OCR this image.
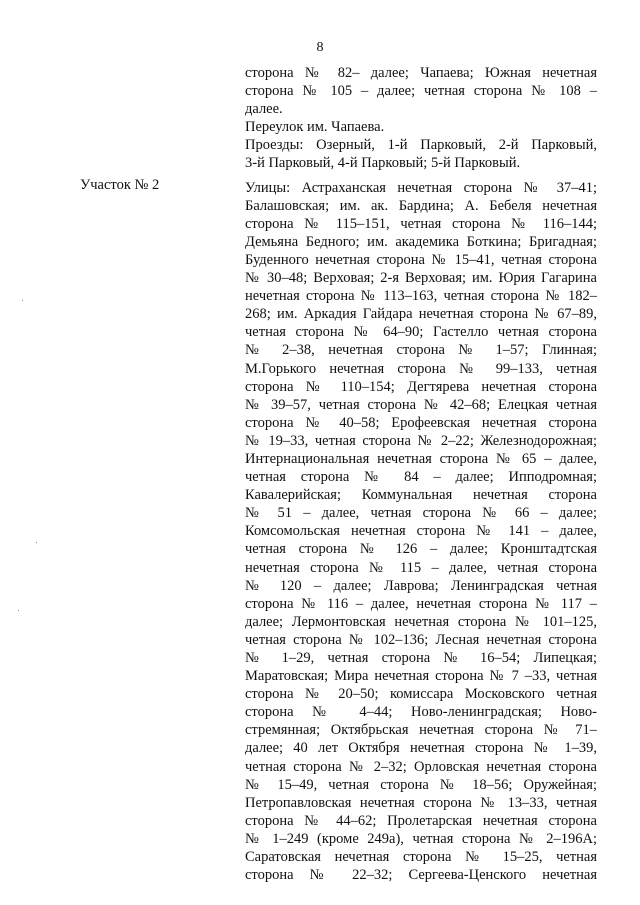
8
Участок № 2
сторона № 82– далее; Чапаева; Южная нечетная
сторона № 105 – далее; четная сторона № 108 –
далее.
Переулок им. Чапаева.
Проезды: Озерный, 1-й Парковый, 2-й Парковый,
3-й Парковый, 4-й Парковый; 5-й Парковый.
Улицы: Астраханская нечетная сторона № 37–41;
Балашовская; им. ак. Бардина; А. Бебеля нечетная
сторона № 115–151, четная сторона № 116–144;
Демьяна Бедного; им. академика Боткина; Бригадная;
Буденного нечетная сторона № 15–41, четная сторона
№ 30–48; Верховая; 2-я Верховая; им. Юрия Гагарина
нечетная сторона № 113–163, четная сторона № 182–
268; им. Аркадия Гайдара нечетная сторона № 67–89,
четная сторона № 64–90; Гастелло четная сторона
№ 2–38, нечетная сторона № 1–57; Глинная;
М.Горького нечетная сторона № 99–133, четная
сторона № 110–154; Дегтярева нечетная сторона
№ 39–57, четная сторона № 42–68; Елецкая четная
сторона № 40–58; Ерофеевская нечетная сторона
№ 19–33, четная сторона № 2–22; Железнодорожная;
Интернациональная нечетная сторона № 65 – далее,
четная сторона № 84 – далее; Ипподромная;
Кавалерийская; Коммунальная нечетная сторона
№ 51 – далее, четная сторона № 66 – далее;
Комсомольская нечетная сторона № 141 – далее,
четная сторона № 126 – далее; Кронштадтская
нечетная сторона № 115 – далее, четная сторона
№ 120 – далее; Лаврова; Ленинградская четная
сторона № 116 – далее, нечетная сторона № 117 –
далее; Лермонтовская нечетная сторона № 101–125,
четная сторона № 102–136; Лесная нечетная сторона
№ 1–29, четная сторона № 16–54; Липецкая;
Маратовская; Мира нечетная сторона № 7 –33, четная
сторона № 20–50; комиссара Московского четная
сторона № 4–44; Ново-ленинградская; Ново-
стремянная; Октябрьская нечетная сторона № 71–
далее; 40 лет Октября нечетная сторона № 1–39,
четная сторона № 2–32; Орловская нечетная сторона
№ 15–49, четная сторона № 18–56; Оружейная;
Петропавловская нечетная сторона № 13–33, четная
сторона № 44–62; Пролетарская нечетная сторона
№ 1–249 (кроме 249а), четная сторона № 2–196А;
Саратовская нечетная сторона № 15–25, четная
сторона № 22–32; Сергеева-Ценского нечетная
